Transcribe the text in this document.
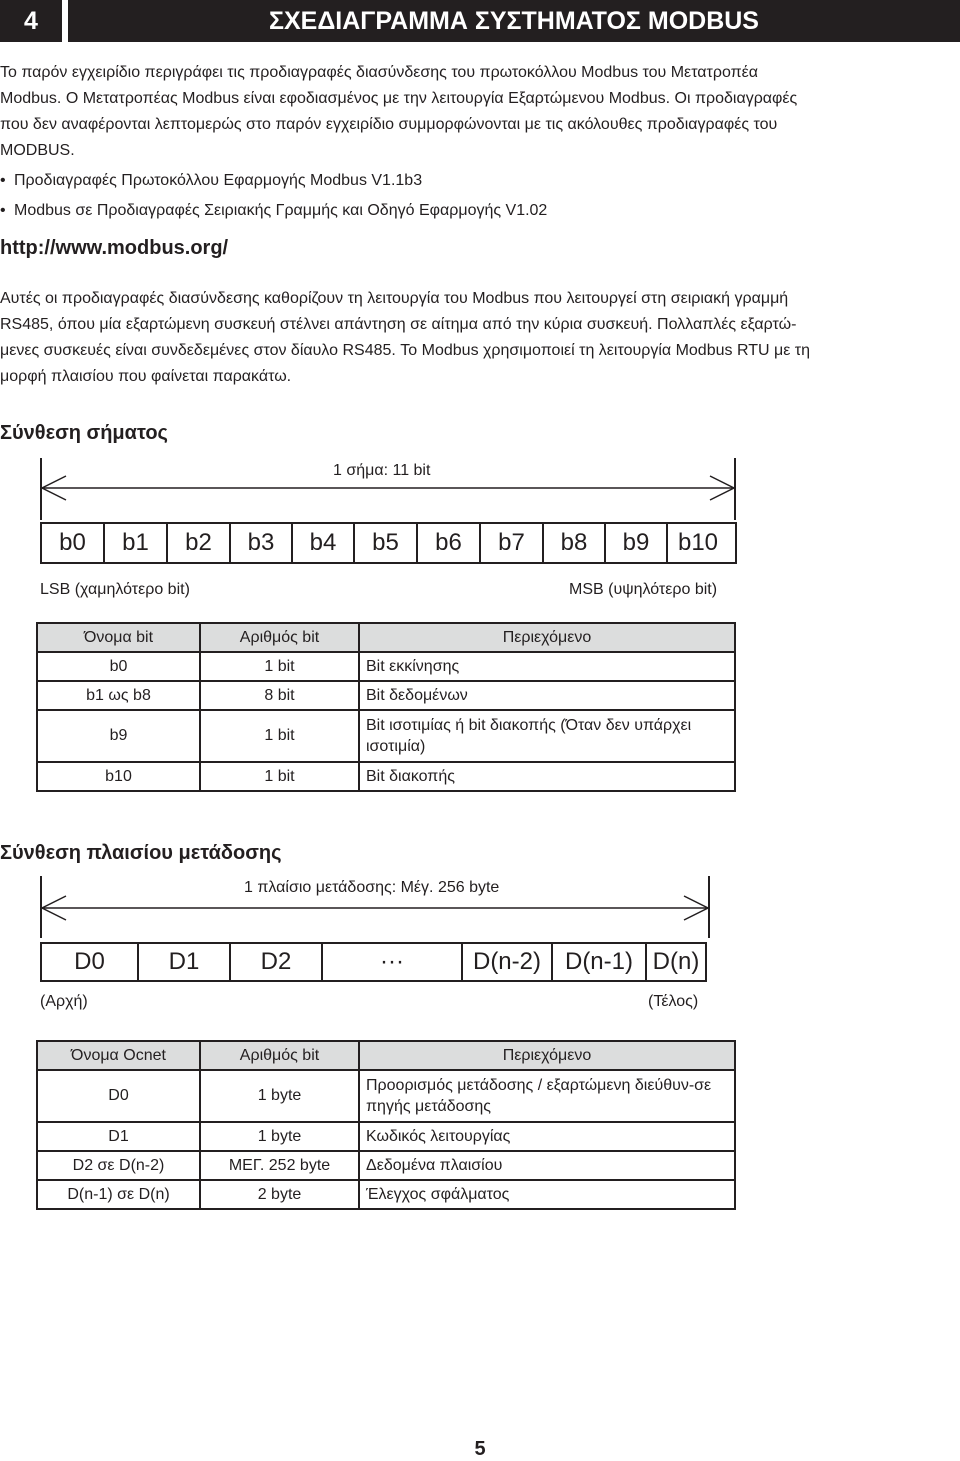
4	ΣΧΕΔΙΑΓΡΑΜΜΑ ΣΥΣΤΗΜΑΤΟΣ MODBUS

Το παρόν εγχειρίδιο περιγράφει τις προδιαγραφές διασύνδεσης του πρωτοκόλλου Modbus του Μετατροπέα

Modbus. Ο Μετατροπέας Modbus είναι εφοδιασμένος με την λειτουργία Εξαρτώμενου Modbus. Οι προδιαγραφές

που δεν αναφέρονται λεπτομερώς στο παρόν εγχειρίδιο συμμορφώνονται με τις ακόλουθες προδιαγραφές του

MODBUS.

• Προδιαγραφές Πρωτοκόλλου Εφαρμογής Modbus V1.1b3
• Modbus σε Προδιαγραφές Σειριακής Γραμμής και Οδηγό Εφαρμογής V1.02
http://www.modbus.org/

Αυτές οι προδιαγραφές διασύνδεσης καθορίζουν τη λειτουργία του Modbus που λειτουργεί στη σειριακή γραμμή

RS485, όπου μία εξαρτώμενη συσκευή στέλνει απάντηση σε αίτημα από την κύρια συσκευή. Πολλαπλές εξαρτώ-

μενες συσκευές είναι συνδεδεμένες στον δίαυλο RS485. Το Modbus χρησιμοποιεί τη λειτουργία Modbus RTU με τη

μορφή πλαισίου που φαίνεται παρακάτω.

Σύνθεση σήματος
1 σήμα: 11 bit
b0	b1	b2	b3	b4	b5	b6	b7	b8	b9	b10
LSB (χαμηλότερο bit)	MSB (υψηλότερο bit)
Όνομα bit	Αριθμός bit	Περιεχόμενο
b0	1 bit	Bit εκκίνησης
b1 ως b8	8 bit	Bit δεδομένων
b9	1 bit	Bit ισοτιμίας ή bit διακοπής (Όταν δεν υπάρχει ισοτιμία)
b10	1 bit	Bit διακοπής
Σύνθεση πλαισίου μετάδοσης
1 πλαίσιο μετάδοσης: Μέγ. 256 byte
D0	D1	D2	···	D(n-2) D(n-1) D(n)
(Αρχή)	(Τέλος)
Όνομα Ocnet	Αριθμός bit	Περιεχόμενο
D0	1 byte	Προορισμός μετάδοσης / εξαρτώμενη διεύθυν-σε πηγής μετάδοσης
D1	1 byte	Κωδικός λειτουργίας
D2 σε D(n-2)	ΜΕΓ. 252 byte	Δεδομένα πλαισίου
D(n-1) σε D(n)	2 byte	Έλεγχος σφάλματος
5
